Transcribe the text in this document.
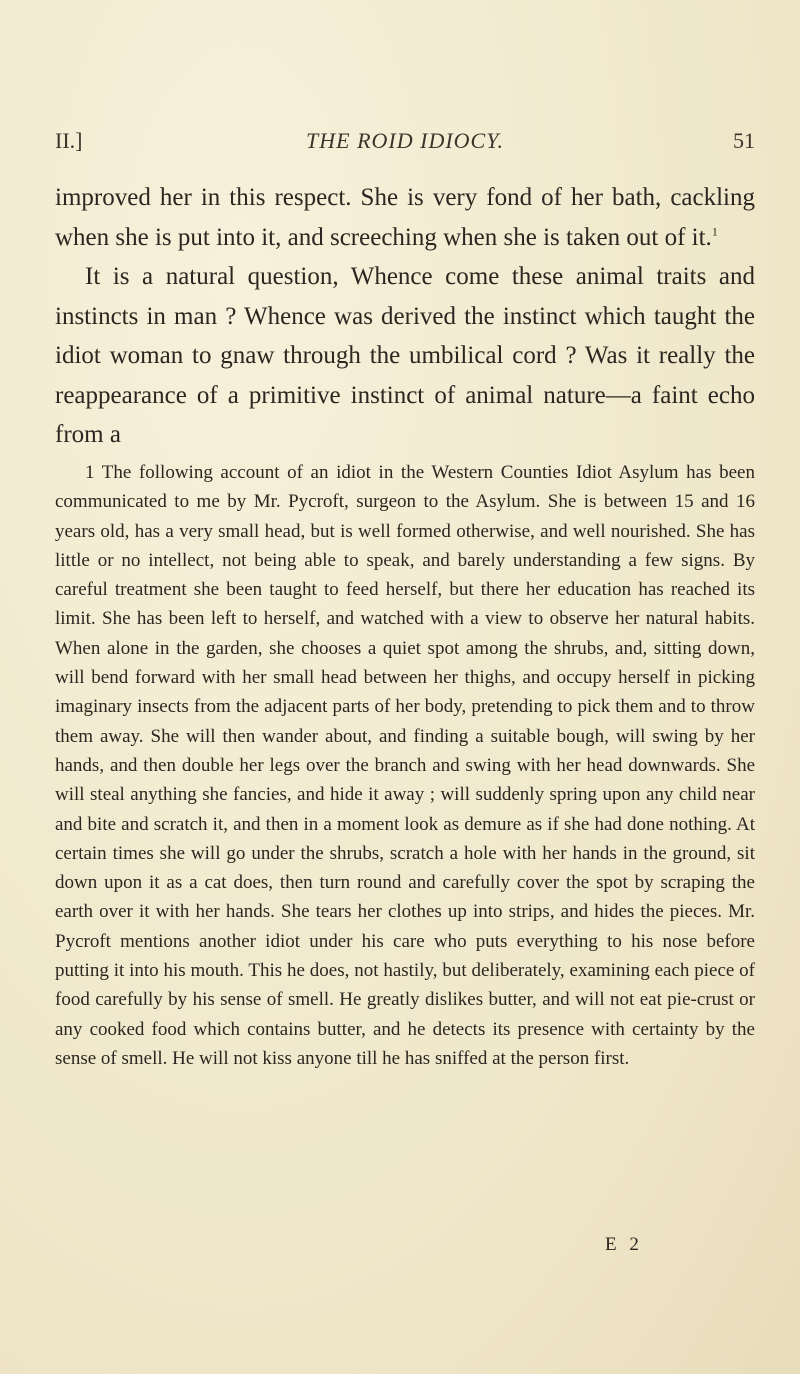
II.]	THE ROID IDIOCY.	51

improved her in this respect. She is very fond of her bath, cackling when she is put into it, and screeching when she is taken out of it.$^1$

It is a natural question, Whence come these animal traits and instincts in man ? Whence was derived the instinct which taught the idiot woman to gnaw through the umbilical cord ? Was it really the reappearance of a primitive instinct of animal nature—a faint echo from a

1 The following account of an idiot in the Western Counties Idiot Asylum has been communicated to me by Mr. Pycroft, surgeon to the Asylum. She is between 15 and 16 years old, has a very small head, but is well formed otherwise, and well nourished. She has little or no intellect, not being able to speak, and barely understanding a few signs. By careful treatment she been taught to feed herself, but there her education has reached its limit. She has been left to herself, and watched with a view to observe her natural habits. When alone in the garden, she chooses a quiet spot among the shrubs, and, sitting down, will bend forward with her small head between her thighs, and occupy herself in picking imaginary insects from the adjacent parts of her body, pretending to pick them and to throw them away. She will then wander about, and finding a suitable bough, will swing by her hands, and then double her legs over the branch and swing with her head downwards. She will steal anything she fancies, and hide it away ; will suddenly spring upon any child near and bite and scratch it, and then in a moment look as demure as if she had done nothing. At certain times she will go under the shrubs, scratch a hole with her hands in the ground, sit down upon it as a cat does, then turn round and carefully cover the spot by scraping the earth over it with her hands. She tears her clothes up into strips, and hides the pieces. Mr. Pycroft mentions another idiot under his care who puts everything to his nose before putting it into his mouth. This he does, not hastily, but deliberately, examining each piece of food carefully by his sense of smell. He greatly dislikes butter, and will not eat pie-crust or any cooked food which contains butter, and he detects its presence with certainty by the sense of smell. He will not kiss anyone till he has sniffed at the person first.

E 2
